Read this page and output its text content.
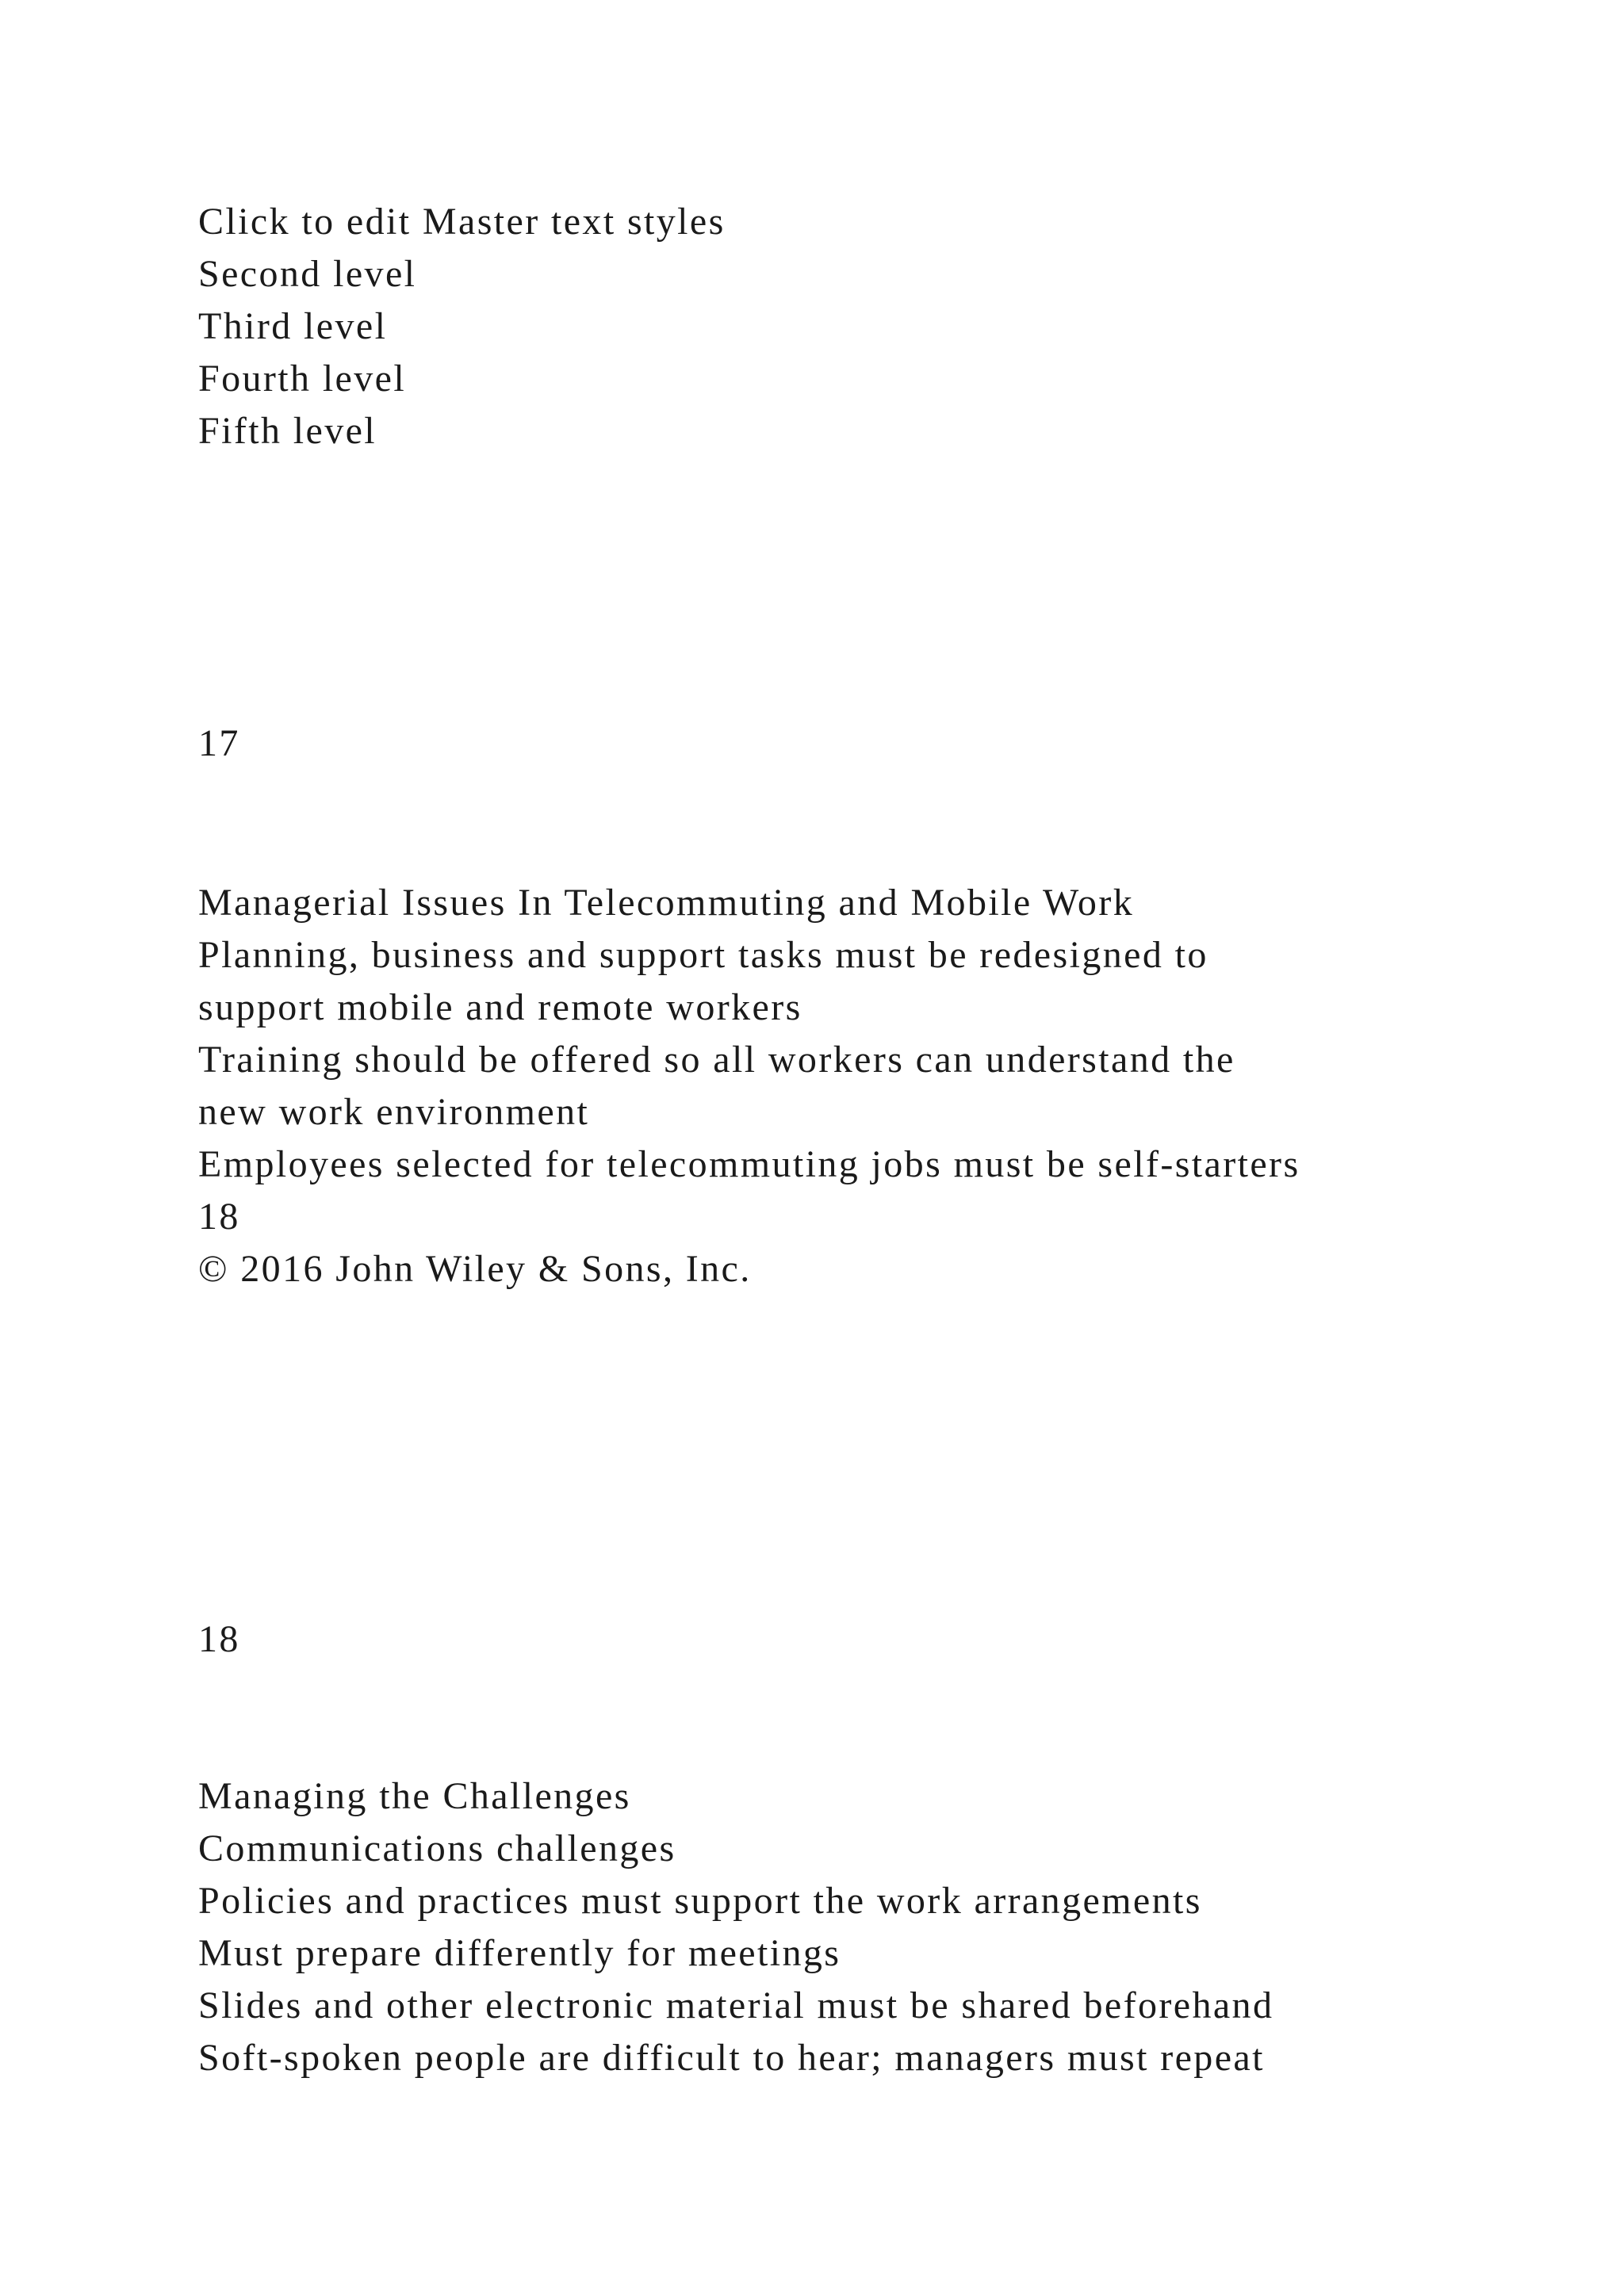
Click to edit Master text styles
Second level
Third level
Fourth level
Fifth level
17
Managerial Issues In Telecommuting and Mobile Work
Planning, business and support tasks must be redesigned to
support mobile and remote workers
Training should be offered so all workers can understand the
new work environment
Employees selected for telecommuting jobs must be self-starters
18
© 2016 John Wiley & Sons, Inc.
18
Managing the Challenges
Communications challenges
Policies and practices must support the work arrangements
Must prepare differently for meetings
Slides and other electronic material must be shared beforehand
Soft-spoken people are difficult to hear; managers must repeat
